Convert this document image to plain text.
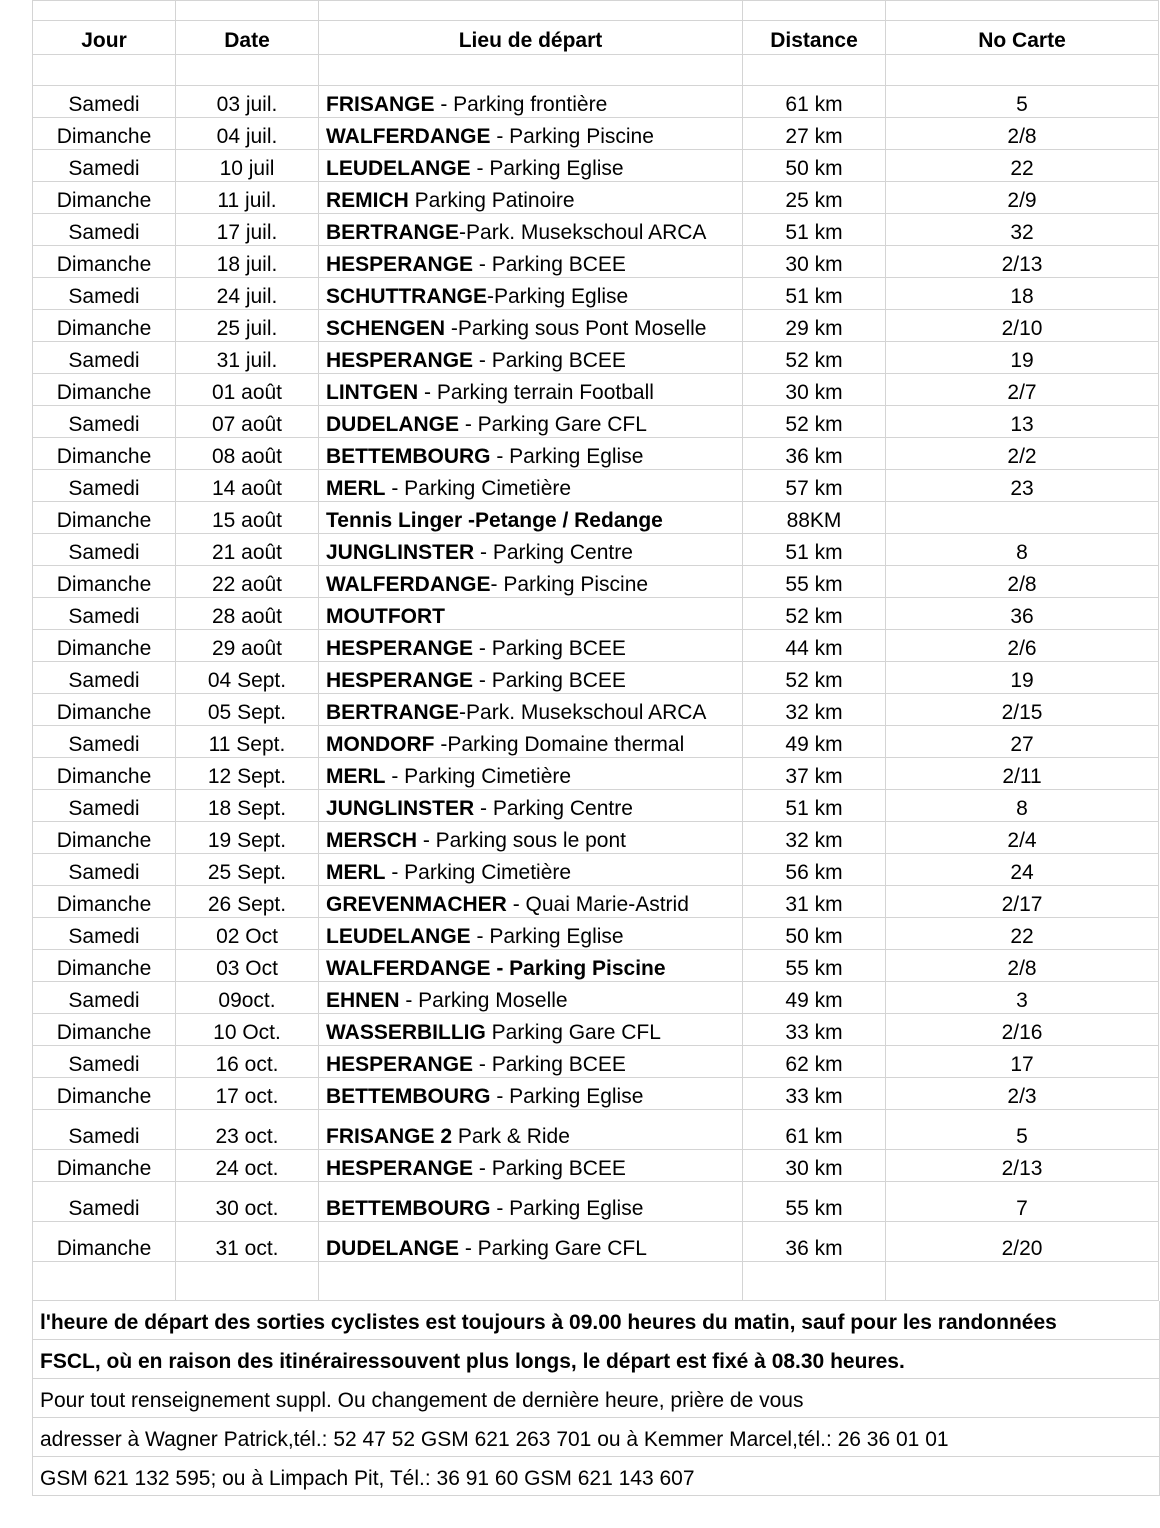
Jour	Date	Lieu de départ	Distance	No Carte

Samedi	03 juil.	FRISANGE - Parking frontière	61 km	5
Dimanche	04 juil.	WALFERDANGE - Parking Piscine	27 km	2/8
Samedi	10 juil	LEUDELANGE - Parking Eglise	50 km	22
Dimanche	11 juil.	REMICH Parking Patinoire	25 km	2/9
Samedi	17 juil.	BERTRANGE-Park. Musekschoul ARCA	51 km	32
Dimanche	18 juil.	HESPERANGE - Parking BCEE	30 km	2/13
Samedi	24 juil.	SCHUTTRANGE-Parking Eglise	51 km	18
Dimanche	25 juil.	SCHENGEN -Parking sous Pont Moselle	29 km	2/10
Samedi	31 juil.	HESPERANGE - Parking BCEE	52 km	19
Dimanche	01 août	LINTGEN - Parking terrain Football	30 km	2/7
Samedi	07 août	DUDELANGE - Parking Gare CFL	52 km	13
Dimanche	08 août	BETTEMBOURG - Parking Eglise	36 km	2/2
Samedi	14 août	MERL - Parking Cimetière	57 km	23
Dimanche	15 août	Tennis Linger -Petange / Redange	88KM	
Samedi	21 août	JUNGLINSTER - Parking Centre	51 km	8
Dimanche	22 août	WALFERDANGE- Parking Piscine	55 km	2/8
Samedi	28 août	MOUTFORT	52 km	36
Dimanche	29 août	HESPERANGE - Parking BCEE	44 km	2/6
Samedi	04 Sept.	HESPERANGE - Parking BCEE	52 km	19
Dimanche	05 Sept.	BERTRANGE-Park. Musekschoul ARCA	32 km	2/15
Samedi	11 Sept.	MONDORF -Parking Domaine thermal	49 km	27
Dimanche	12 Sept.	MERL - Parking Cimetière	37 km	2/11
Samedi	18 Sept.	JUNGLINSTER - Parking Centre	51 km	8
Dimanche	19 Sept.	MERSCH - Parking sous le pont	32 km	2/4
Samedi	25 Sept.	MERL - Parking Cimetière	56 km	24
Dimanche	26 Sept.	GREVENMACHER - Quai Marie-Astrid	31 km	2/17
Samedi	02 Oct	LEUDELANGE - Parking Eglise	50 km	22
Dimanche	03 Oct	WALFERDANGE - Parking Piscine	55 km	2/8
Samedi	09oct.	EHNEN - Parking Moselle	49 km	3
Dimanche	10 Oct.	WASSERBILLIG Parking Gare CFL	33 km	2/16
Samedi	16 oct.	HESPERANGE - Parking BCEE	62 km	17
Dimanche	17 oct.	BETTEMBOURG - Parking Eglise	33 km	2/3
Samedi	23 oct.	FRISANGE 2 Park & Ride	61 km	5
Dimanche	24 oct.	HESPERANGE - Parking BCEE	30 km	2/13
Samedi	30 oct.	BETTEMBOURG - Parking Eglise	55 km	7
Dimanche	31 oct.	DUDELANGE - Parking Gare CFL	36 km	2/20

l'heure de départ des sorties cyclistes est toujours à 09.00 heures du matin, sauf pour les randonnées
FSCL, où en raison des itinérairessouvent plus longs, le départ est fixé à 08.30 heures.
Pour tout renseignement suppl. Ou changement de dernière heure, prière de vous
adresser à Wagner Patrick,tél.: 52 47 52 GSM 621 263 701 ou à Kemmer Marcel,tél.: 26 36 01 01
GSM 621 132 595; ou à Limpach Pit, Tél.: 36 91 60 GSM 621 143 607
